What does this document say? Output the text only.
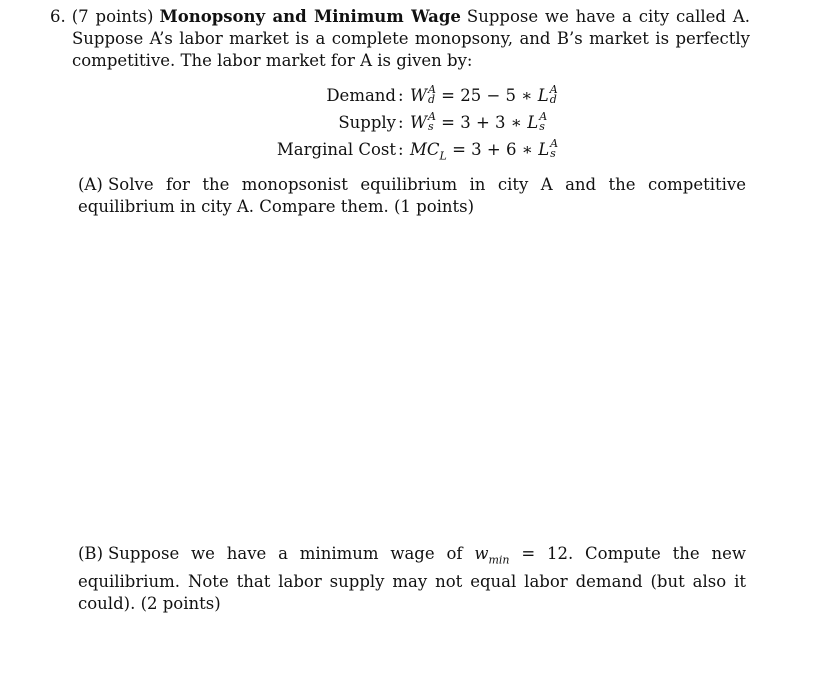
6. (7 points) Monopsony and Minimum Wage Suppose we have a city called A. Suppose A’s labor market is a complete monopsony, and B’s market is perfectly competitive. The labor market for A is given by:
Demand : W A
d = 25 − 5 ∗ L A
d
Supply : W A
s = 3 + 3 ∗ L A
s
Marginal Cost : $MC_L = 3 + 6$ ∗ L A
s
(A) Solve for the monopsonist equilibrium in city A and the competitive equilibrium in city A. Compare them. (1 points)
(B) Suppose we have a minimum wage of $w_{min} = 12$. Compute the new equilibrium. Note that labor supply may not equal labor demand (but also it could). (2 points)
